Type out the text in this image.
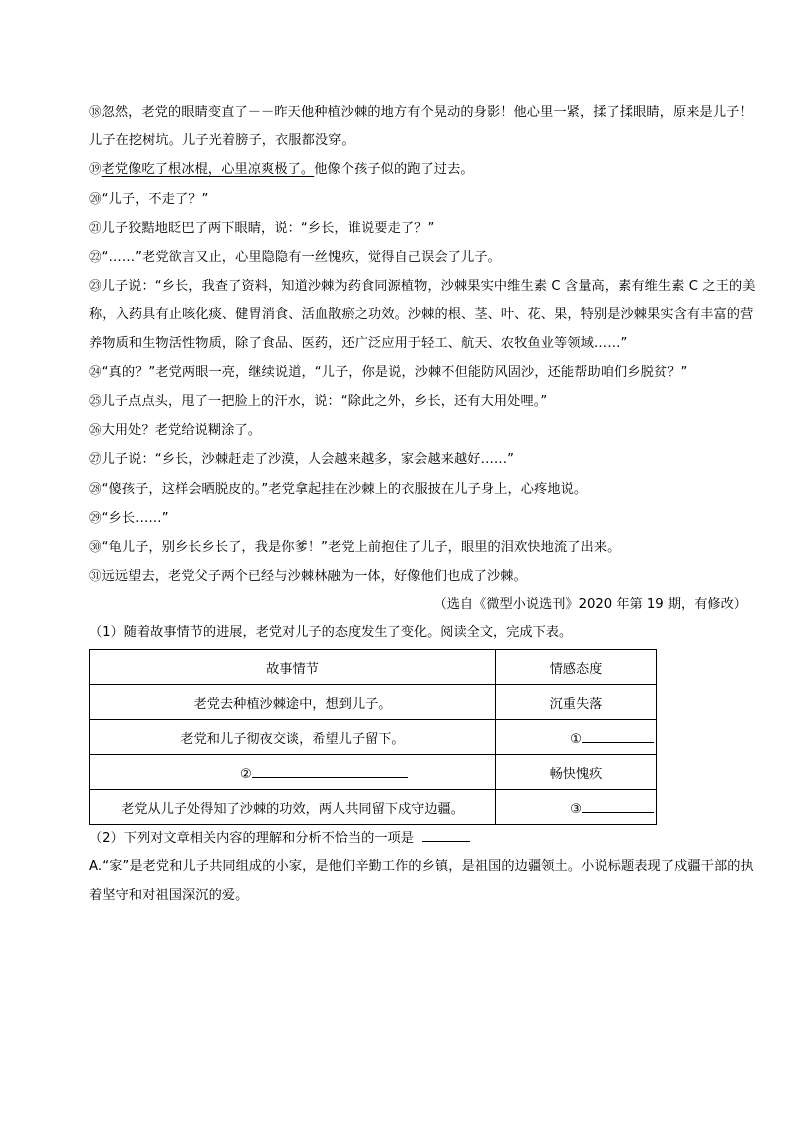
⑱忽然，老党的眼睛变直了－－昨天他种植沙棘的地方有个晃动的身影！他心里一紧，揉了揉眼睛，原来是儿子！儿子在挖树坑。儿子光着膀子，衣服都没穿。

⑲老党像吃了根冰棍，心里凉爽极了。他像个孩子似的跑了过去。

⑳“儿子，不走了？”

㉑儿子狡黠地眨巴了两下眼睛，说：“乡长，谁说要走了？”

㉒“……”老党欲言又止，心里隐隐有一丝愧疚，觉得自己误会了儿子。

㉓儿子说：“乡长，我查了资料，知道沙棘为药食同源植物，沙棘果实中维生素 C 含量高，素有维生素 C 之王的美称，入药具有止咳化痰、健胃消食、活血散瘀之功效。沙棘的根、茎、叶、花、果，特别是沙棘果实含有丰富的营养物质和生物活性物质，除了食品、医药，还广泛应用于轻工、航天、农牧鱼业等领域……”

㉔“真的？”老党两眼一亮，继续说道，“儿子，你是说，沙棘不但能防风固沙，还能帮助咱们乡脱贫？”

㉕儿子点点头，甩了一把脸上的汗水，说：“除此之外，乡长，还有大用处哩。”

㉖大用处？老党给说糊涂了。

㉗儿子说：“乡长，沙棘赶走了沙漠，人会越来越多，家会越来越好……”

㉘“傻孩子，这样会晒脱皮的。”老党拿起挂在沙棘上的衣服披在儿子身上，心疼地说。

㉙“乡长……”

㉚“龟儿子，别乡长乡长了，我是你爹！”老党上前抱住了儿子，眼里的泪欢快地流了出来。

㉛远远望去，老党父子两个已经与沙棘林融为一体，好像他们也成了沙棘。

（选自《微型小说选刊》2020 年第 19 期，有修改）

（1）随着故事情节的进展，老党对儿子的态度发生了变化。阅读全文，完成下表。

故事情节	情感态度
老党去种植沙棘途中，想到儿子。	沉重失落
老党和儿子彻夜交谈，希望儿子留下。	①
②	畅快愧疚
老党从儿子处得知了沙棘的功效，两人共同留下戍守边疆。	③

（2）下列对文章相关内容的理解和分析不恰当的一项是

A.“家”是老党和儿子共同组成的小家，是他们辛勤工作的乡镇，是祖国的边疆领土。小说标题表现了戍疆干部的执着坚守和对祖国深沉的爱。
